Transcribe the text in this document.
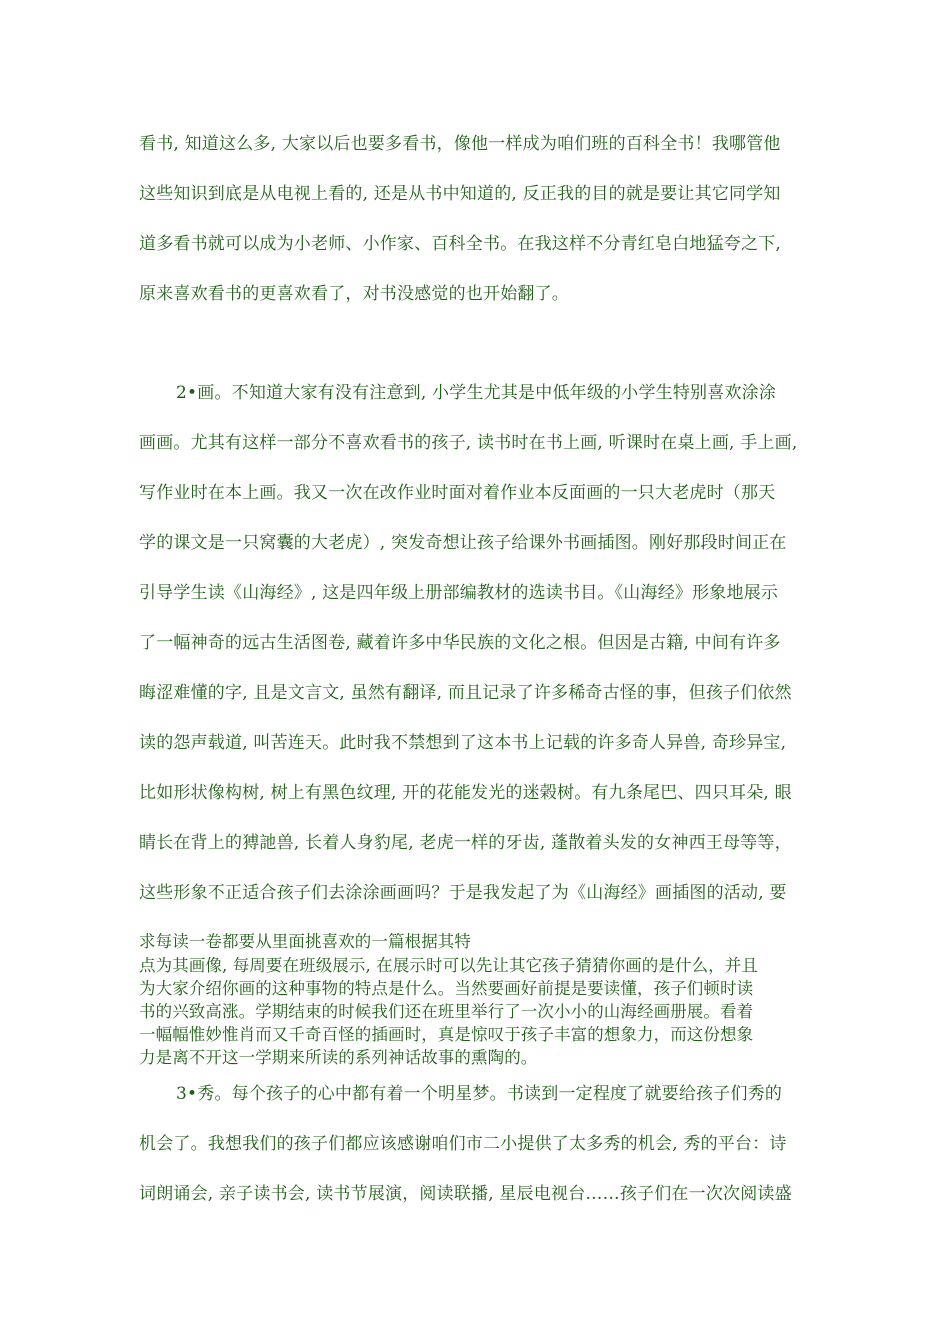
看书, 知道这么多, 大家以后也要多看书，像他一样成为咱们班的百科全书！我哪管他
这些知识到底是从电视上看的, 还是从书中知道的, 反正我的目的就是要让其它同学知
道多看书就可以成为小老师、小作家、百科全书。在我这样不分青红皂白地猛夸之下,
原来喜欢看书的更喜欢看了，对书没感觉的也开始翻了。
2•画。不知道大家有没有注意到, 小学生尤其是中低年级的小学生特别喜欢涂涂
画画。尤其有这样一部分不喜欢看书的孩子, 读书时在书上画, 听课时在桌上画, 手上画,
写作业时在本上画。我又一次在改作业时面对着作业本反面画的一只大老虎时（那天
学的课文是一只窝囊的大老虎）, 突发奇想让孩子给课外书画插图。刚好那段时间正在
引导学生读《山海经》, 这是四年级上册部编教材的选读书目。《山海经》形象地展示
了一幅神奇的远古生活图卷, 藏着许多中华民族的文化之根。但因是古籍, 中间有许多
晦涩难懂的字, 且是文言文, 虽然有翻译, 而且记录了许多稀奇古怪的事，但孩子们依然
读的怨声载道, 叫苦连天。此时我不禁想到了这本书上记载的许多奇人异兽, 奇珍异宝,
比如形状像构树, 树上有黑色纹理, 开的花能发光的迷榖树。有九条尾巴、四只耳朵, 眼
睛长在背上的猼訑兽, 长着人身豹尾, 老虎一样的牙齿, 蓬散着头发的女神西王母等等，
这些形象不正适合孩子们去涂涂画画吗？于是我发起了为《山海经》画插图的活动, 要
求每读一卷都要从里面挑喜欢的一篇根据其特
点为其画像, 每周要在班级展示, 在展示时可以先让其它孩子猜猜你画的是什么，并且
为大家介绍你画的这种事物的特点是什么。当然要画好前提是要读懂，孩子们顿时读
书的兴致高涨。学期结束的时候我们还在班里举行了一次小小的山海经画册展。看着
一幅幅惟妙惟肖而又千奇百怪的插画时，真是惊叹于孩子丰富的想象力，而这份想象
力是离不开这一学期来所读的系列神话故事的熏陶的。
3•秀。每个孩子的心中都有着一个明星梦。书读到一定程度了就要给孩子们秀的
机会了。我想我们的孩子们都应该感谢咱们市二小提供了太多秀的机会, 秀的平台：诗
词朗诵会, 亲子读书会, 读书节展演，阅读联播, 星辰电视台……孩子们在一次次阅读盛
